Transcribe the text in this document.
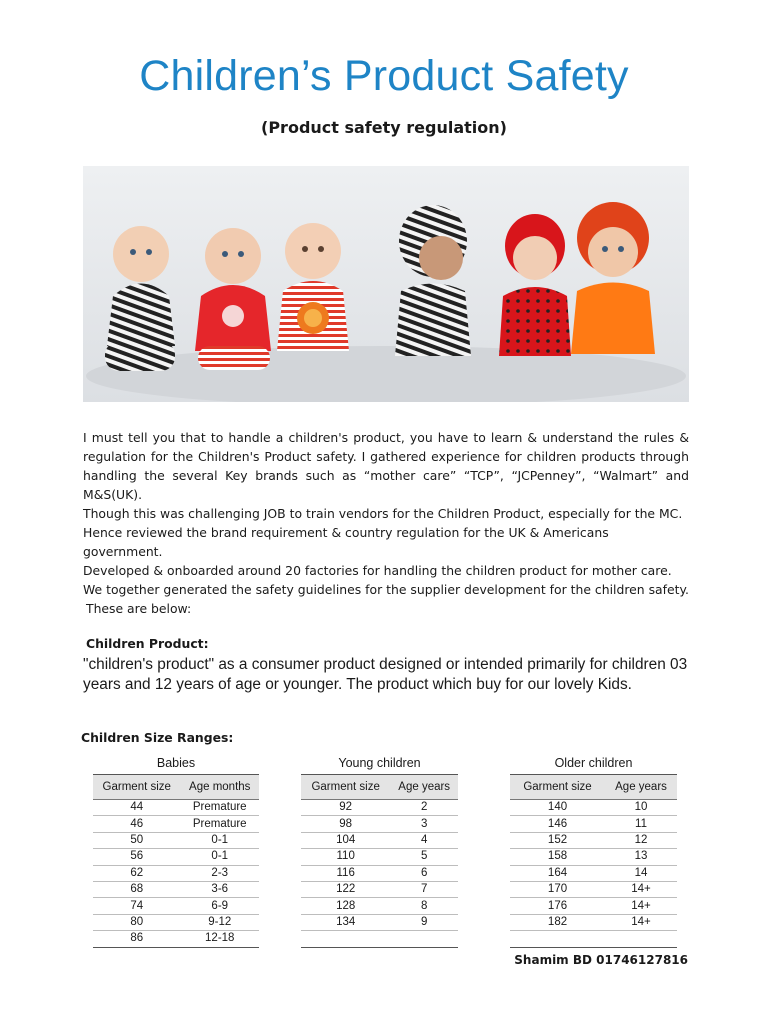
Children’s Product Safety
(Product safety regulation)
I must tell you that to handle a children's product, you have to learn & understand the rules & regulation for the Children's Product safety. I gathered experience for children products through handling the several Key brands such as “mother care” “TCP”, “JCPenney”, “Walmart” and M&S(UK).
Though this was challenging JOB to train vendors for the Children Product, especially for the MC.
Hence reviewed the brand requirement & country regulation for the UK & Americans government.
Developed & onboarded around 20 factories for handling the children product for mother care.
We together generated the safety guidelines for the supplier development for the children safety.
These are below:
Children Product:
"children's product" as a consumer product designed or intended primarily for children 03 years and 12 years of age or younger. The product which buy for our lovely Kids.
Children Size Ranges:
Babies
Garment size	Age months
44	Premature
46	Premature
50	0-1
56	0-1
62	2-3
68	3-6
74	6-9
80	9-12
86	12-18
Young children
Garment size	Age years
92	2
98	3
104	4
110	5
116	6
122	7
128	8
134	9

Older children
Garment size	Age years
140	10
146	11
152	12
158	13
164	14
170	14+
176	14+
182	14+

Shamim BD 01746127816
